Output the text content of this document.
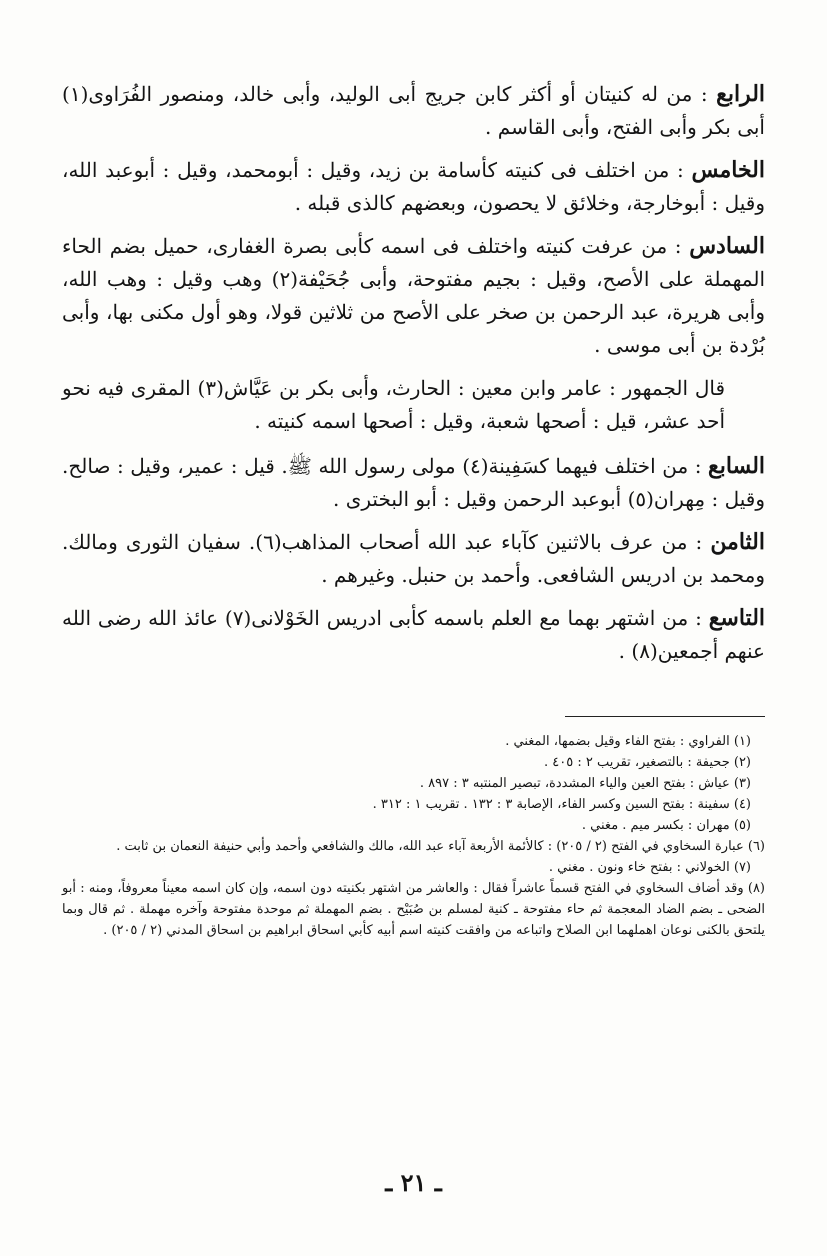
الرابع : من له كنيتان أو أكثر كابن جريج أبى الوليد، وأبى خالد، ومنصور الفُرَاوى(١) أبى بكر وأبى الفتح، وأبى القاسم .

الخامس : من اختلف فى كنيته كأسامة بن زيد، وقيل : أبومحمد، وقيل : أبوعبد الله، وقيل : أبوخارجة، وخلائق لا يحصون، وبعضهم كالذى قبله .

السادس : من عرفت كنيته واختلف فى اسمه كأبى بصرة الغفارى، حميل بضم الحاء المهملة على الأصح، وقيل : بجيم مفتوحة، وأبى جُحَيْفة(٢) وهب وقيل : وهب الله، وأبى هريرة، عبد الرحمن بن صخر على الأصح من ثلاثين قولا، وهو أول مكنى بها، وأبى بُرْدة بن أبى موسى .

قال الجمهور : عامر وابن معين : الحارث، وأبى بكر بن عَيَّاش(٣) المقرى فيه نحو أحد عشر، قيل : أصحها شعبة، وقيل : أصحها اسمه كنيته .

السابع : من اختلف فيهما كسَفِينة(٤) مولى رسول الله ﷺ. قيل : عمير، وقيل : صالح. وقيل : مِهران(٥) أبوعبد الرحمن وقيل : أبو البخترى .

الثامن : من عرف بالاثنين كآباء عبد الله أصحاب المذاهب(٦). سفيان الثورى ومالك. ومحمد بن ادريس الشافعى. وأحمد بن حنبل. وغيرهم .

التاسع : من اشتهر بهما مع العلم باسمه كأبى ادريس الخَوْلانى(٧) عائذ الله رضى الله عنهم أجمعين(٨) .

(١) الفراوي : بفتح الفاء وقيل بضمها، المغني .

(٢) جحيفة : بالتصغير، تقريب ٢ : ٤٠٥ .

(٣) عياش : بفتح العين والياء المشددة، تبصير المنتبه ٣ : ٨٩٧ .

(٤) سفينة : بفتح السين وكسر الفاء، الإصابة ٣ : ١٣٢ . تقريب ١ : ٣١٢ .

(٥) مهران : بكسر ميم . مغني .

(٦) عبارة السخاوي في الفتح (٢ / ٢٠٥) : كالأئمة الأربعة آباء عبد الله، مالك والشافعي وأحمد وأبي حنيفة النعمان بن ثابت .

(٧) الخولاني : بفتح خاء ونون . مغني .

(٨) وقد أضاف السخاوي في الفتح قسماً عاشراً فقال : والعاشر من اشتهر بكنيته دون اسمه، وإن كان اسمه معيناً معروفاً، ومنه : أبو الضحى ـ بضم الضاد المعجمة ثم حاء مفتوحة ـ كنية لمسلم بن صُبَيْح . بضم المهملة ثم موحدة مفتوحة وآخره مهملة . ثم قال وبما يلتحق بالكنى نوعان اهملهما ابن الصلاح واتباعه من وافقت كنيته اسم أبيه كأبي اسحاق ابراهيم بن اسحاق المدني (٢ / ٢٠٥) .

ـ ٢١ ـ
